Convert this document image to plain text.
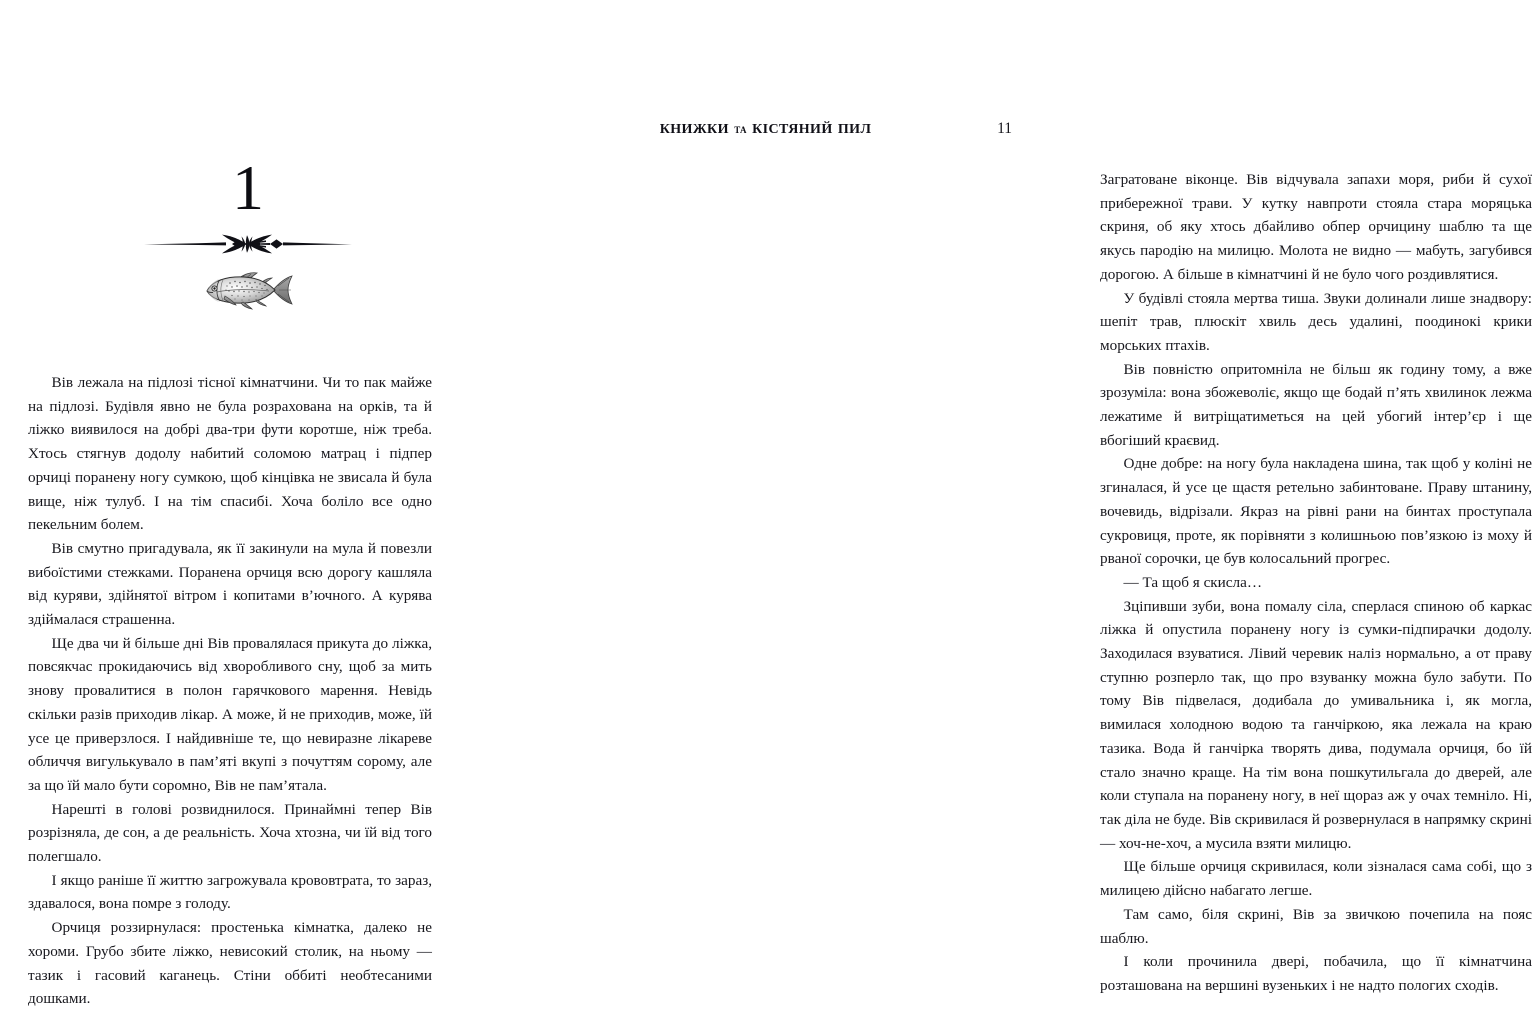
1

Вів лежала на підлозі тісної кімнатчини. Чи то пак майже на підлозі. Будівля явно не була розрахована на орків, та й ліжко виявилося на добрі два-три фути коротше, ніж треба. Хтось стягнув додолу набитий соломою матрац і підпер орчиці поранену ногу сумкою, щоб кінцівка не звисала й була вище, ніж тулуб. І на тім спасибі. Хоча боліло все одно пекельним болем.

Вів смутно пригадувала, як її закинули на мула й повезли вибоїстими стежками. Поранена орчиця всю дорогу кашляла від куряви, здійнятої вітром і копитами в’ючного. А курява здіймалася страшенна.

Ще два чи й більше дні Вів провалялася прикута до ліжка, повсякчас прокидаючись від хворобливого сну, щоб за мить знову провалитися в полон гарячкового марення. Невідь скільки разів приходив лікар. А може, й не приходив, може, їй усе це приверзлося. І найдивніше те, що невиразне лікареве обличчя вигулькувало в пам’яті вкупі з почуттям сорому, але за що їй мало бути соромно, Вів не пам’ятала.

Нарешті в голові розвиднилося. Принаймні тепер Вів розрізняла, де сон, а де реальність. Хоча хтозна, чи їй від того полегшало.

І якщо раніше її життю загрожувала крововтрата, то зараз, здавалося, вона помре з голоду.

Орчиця роззирнулася: простенька кімнатка, далеко не хороми. Грубо збите ліжко, невисокий столик, на ньому — тазик і гасовий каганець. Стіни оббиті необтесаними дошками.

книжки та кістяний пил	11

Загратоване віконце. Вів відчувала запахи моря, риби й сухої прибережної трави. У кутку навпроти стояла стара моряцька скриня, об яку хтось дбайливо обпер орчицину шаблю та ще якусь пародію на милицю. Молота не видно — мабуть, загубився дорогою. А більше в кімнатчині й не було чого роздивлятися.

У будівлі стояла мертва тиша. Звуки долинали лише знадвору: шепіт трав, плюскіт хвиль десь удалині, поодинокі крики морських птахів.

Вів повністю опритомніла не більш як годину тому, а вже зрозуміла: вона збожеволіє, якщо ще бодай п’ять хвилинок лежма лежатиме й витріщатиметься на цей убогий інтер’єр і ще вбогіший краєвид.

Одне добре: на ногу була накладена шина, так щоб у коліні не згиналася, й усе це щастя ретельно забинтоване. Праву штанину, вочевидь, відрізали. Якраз на рівні рани на бинтах проступала сукровиця, проте, як порівняти з колишньою пов’язкою із моху й рваної сорочки, це був колосальний прогрес.

— Та щоб я скисла…

Зціпивши зуби, вона помалу сіла, сперлася спиною об каркас ліжка й опустила поранену ногу із сумки-підпирачки додолу. Заходилася взуватися. Лівий черевик наліз нормально, а от праву ступню розперло так, що про взуванку можна було забути. По тому Вів підвелася, додибала до умивальника і, як могла, вимилася холодною водою та ганчіркою, яка лежала на краю тазика. Вода й ганчірка творять дива, подумала орчиця, бо їй стало значно краще. На тім вона пошкутильгала до дверей, але коли ступала на поранену ногу, в неї щораз аж у очах темніло. Ні, так діла не буде. Вів скривилася й розвернулася в напрямку скрині — хоч-не-хоч, а мусила взяти милицю.

Ще більше орчиця скривилася, коли зізналася сама собі, що з милицею дійсно набагато легше.

Там само, біля скрині, Вів за звичкою почепила на пояс шаблю.

І коли прочинила двері, побачила, що її кімнатчина розташована на вершині вузеньких і не надто пологих сходів.
